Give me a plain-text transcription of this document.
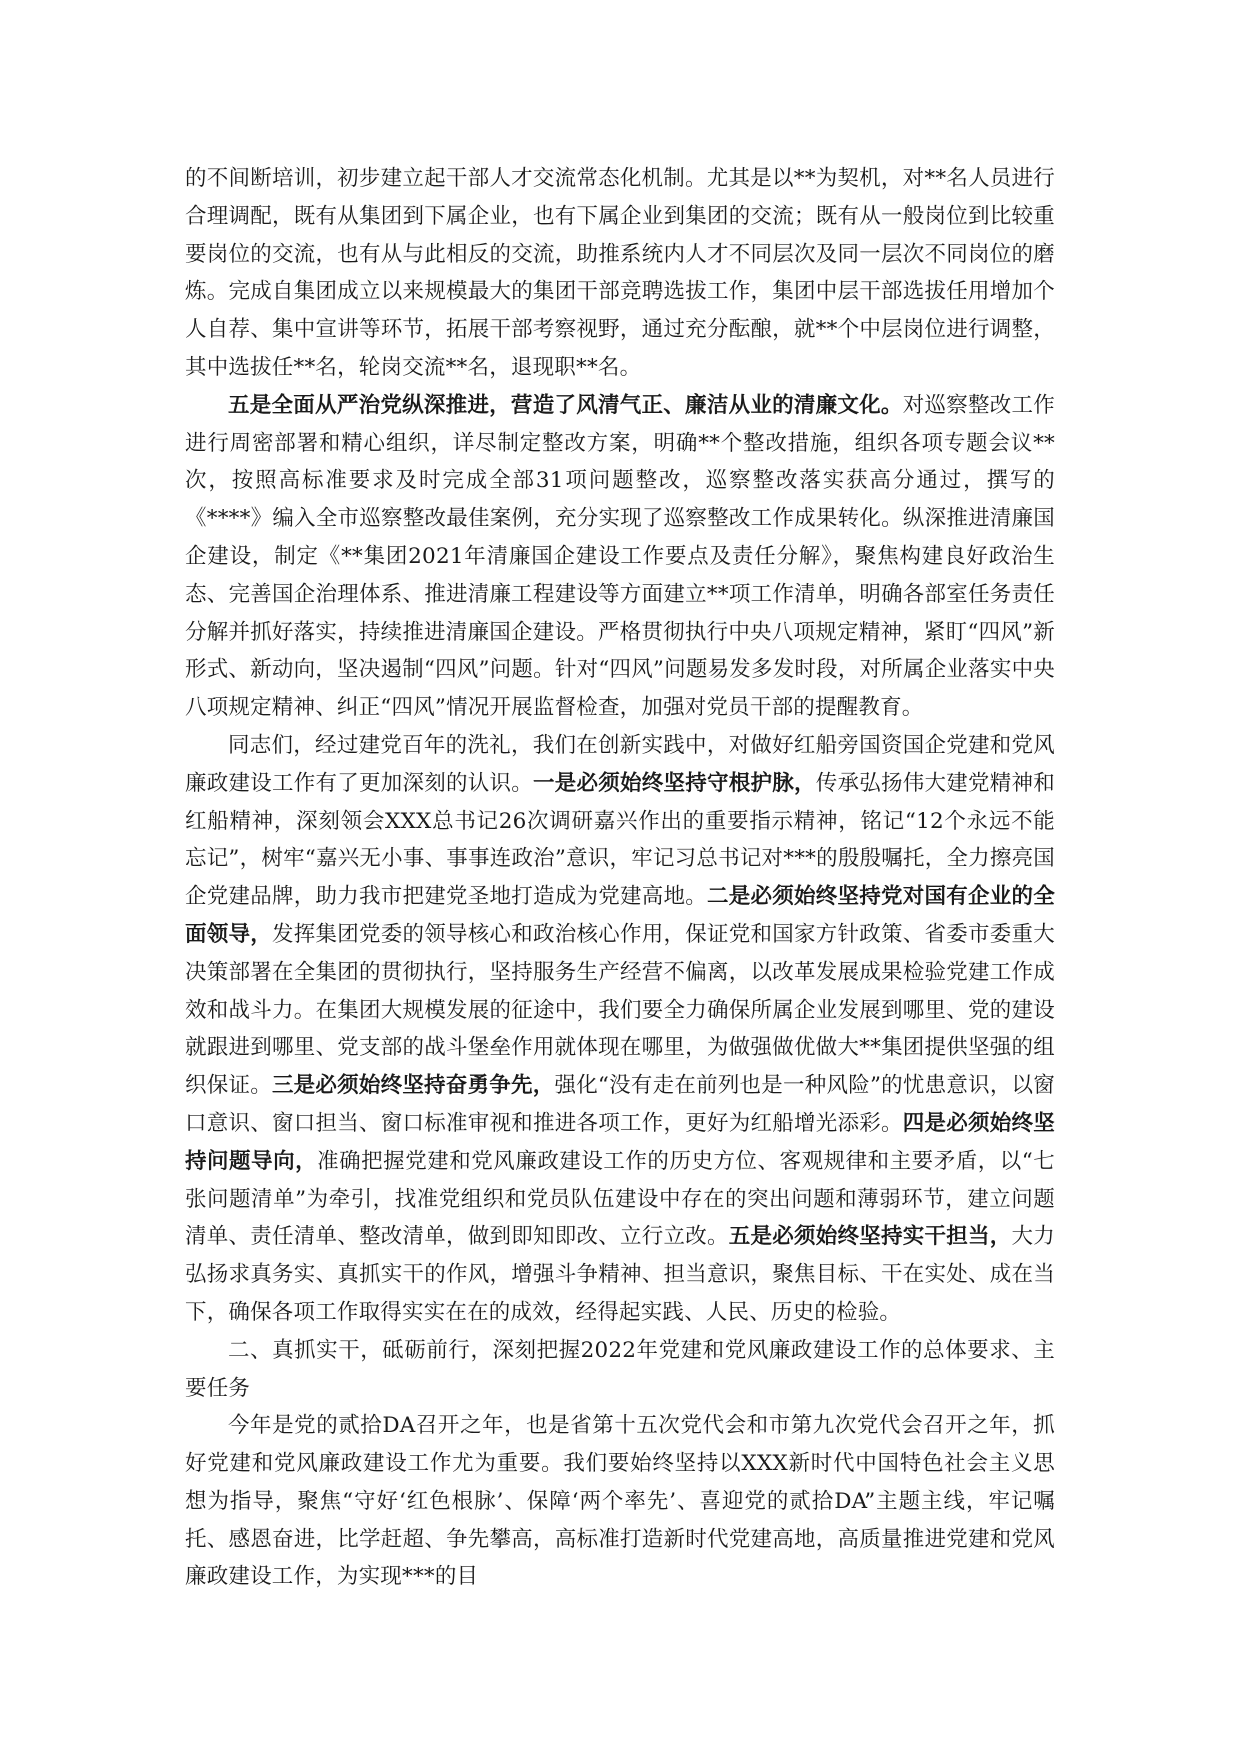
的不间断培训，初步建立起干部人才交流常态化机制。尤其是以**为契机，对**名人员进行合理调配，既有从集团到下属企业，也有下属企业到集团的交流；既有从一般岗位到比较重要岗位的交流，也有从与此相反的交流，助推系统内人才不同层次及同一层次不同岗位的磨炼。完成自集团成立以来规模最大的集团干部竞聘选拔工作，集团中层干部选拔任用增加个人自荐、集中宣讲等环节，拓展干部考察视野，通过充分酝酿，就**个中层岗位进行调整，其中选拔任**名，轮岗交流**名，退现职**名。

五是全面从严治党纵深推进，营造了风清气正、廉洁从业的清廉文化。对巡察整改工作进行周密部署和精心组织，详尽制定整改方案，明确**个整改措施，组织各项专题会议**次，按照高标准要求及时完成全部31项问题整改，巡察整改落实获高分通过，撰写的《****》编入全市巡察整改最佳案例，充分实现了巡察整改工作成果转化。纵深推进清廉国企建设，制定《**集团2021年清廉国企建设工作要点及责任分解》，聚焦构建良好政治生态、完善国企治理体系、推进清廉工程建设等方面建立**项工作清单，明确各部室任务责任分解并抓好落实，持续推进清廉国企建设。严格贯彻执行中央八项规定精神，紧盯“四风”新形式、新动向，坚决遏制“四风”问题。针对“四风”问题易发多发时段，对所属企业落实中央八项规定精神、纠正“四风”情况开展监督检查，加强对党员干部的提醒教育。

同志们，经过建党百年的洗礼，我们在创新实践中，对做好红船旁国资国企党建和党风廉政建设工作有了更加深刻的认识。一是必须始终坚持守根护脉，传承弘扬伟大建党精神和红船精神，深刻领会XXX总书记26次调研嘉兴作出的重要指示精神，铭记“12个永远不能忘记”，树牢“嘉兴无小事、事事连政治”意识，牢记习总书记对***的殷殷嘱托，全力擦亮国企党建品牌，助力我市把建党圣地打造成为党建高地。二是必须始终坚持党对国有企业的全面领导，发挥集团党委的领导核心和政治核心作用，保证党和国家方针政策、省委市委重大决策部署在全集团的贯彻执行，坚持服务生产经营不偏离，以改革发展成果检验党建工作成效和战斗力。在集团大规模发展的征途中，我们要全力确保所属企业发展到哪里、党的建设就跟进到哪里、党支部的战斗堡垒作用就体现在哪里，为做强做优做大**集团提供坚强的组织保证。三是必须始终坚持奋勇争先，强化“没有走在前列也是一种风险”的忧患意识，以窗口意识、窗口担当、窗口标准审视和推进各项工作，更好为红船增光添彩。四是必须始终坚持问题导向，准确把握党建和党风廉政建设工作的历史方位、客观规律和主要矛盾，以“七张问题清单”为牵引，找准党组织和党员队伍建设中存在的突出问题和薄弱环节，建立问题清单、责任清单、整改清单，做到即知即改、立行立改。五是必须始终坚持实干担当，大力弘扬求真务实、真抓实干的作风，增强斗争精神、担当意识，聚焦目标、干在实处、成在当下，确保各项工作取得实实在在的成效，经得起实践、人民、历史的检验。

二、真抓实干，砥砺前行，深刻把握2022年党建和党风廉政建设工作的总体要求、主要任务

今年是党的贰拾DA召开之年，也是省第十五次党代会和市第九次党代会召开之年，抓好党建和党风廉政建设工作尤为重要。我们要始终坚持以XXX新时代中国特色社会主义思想为指导，聚焦“守好‘红色根脉’、保障‘两个率先’、喜迎党的贰拾DA”主题主线，牢记嘱托、感恩奋进，比学赶超、争先攀高，高标准打造新时代党建高地，高质量推进党建和党风廉政建设工作，为实现***的目
